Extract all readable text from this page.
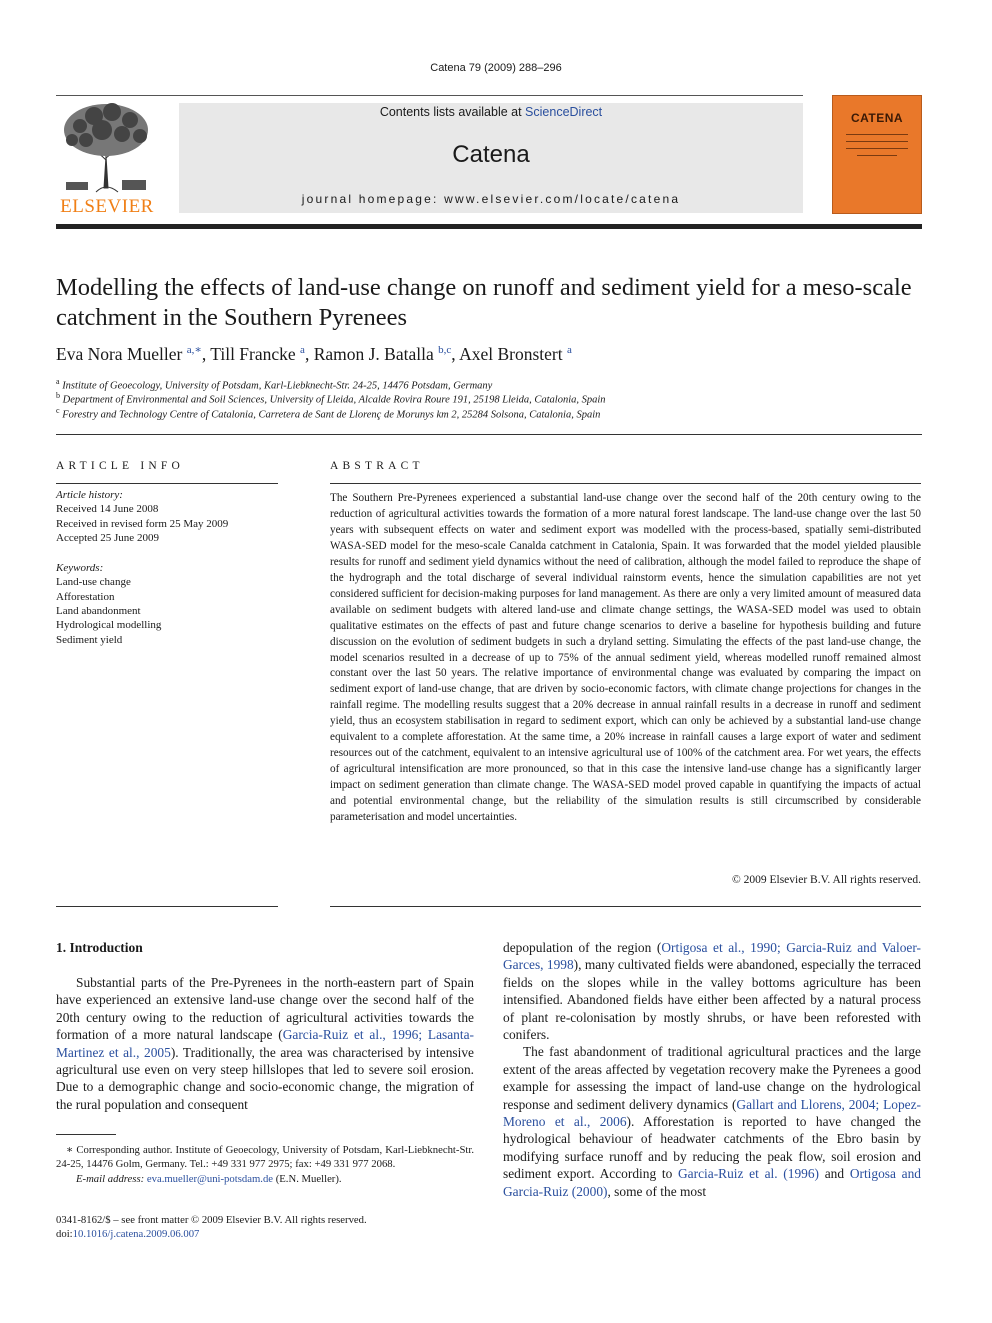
Catena 79 (2009) 288–296
ELSEVIER
Contents lists available at ScienceDirect
Catena
journal homepage: www.elsevier.com/locate/catena
CATENA
Modelling the effects of land-use change on runoff and sediment yield for a meso-scale catchment in the Southern Pyrenees
Eva Nora Mueller $^{a,∗}$, Till Francke $^a$, Ramon J. Batalla $^{b,c}$, Axel Bronstert $^a$
$^a$ Institute of Geoecology, University of Potsdam, Karl-Liebknecht-Str. 24-25, 14476 Potsdam, Germany
$^b$ Department of Environmental and Soil Sciences, University of Lleida, Alcalde Rovira Roure 191, 25198 Lleida, Catalonia, Spain
$^c$ Forestry and Technology Centre of Catalonia, Carretera de Sant de Llorenç de Morunys km 2, 25284 Solsona, Catalonia, Spain
ARTICLE INFO
Article history:
Received 14 June 2008
Received in revised form 25 May 2009
Accepted 25 June 2009
Keywords:
Land-use change
Afforestation
Land abandonment
Hydrological modelling
Sediment yield
ABSTRACT
The Southern Pre-Pyrenees experienced a substantial land-use change over the second half of the 20th century owing to the reduction of agricultural activities towards the formation of a more natural forest landscape. The land-use change over the last 50 years with subsequent effects on water and sediment export was modelled with the process-based, spatially semi-distributed WASA-SED model for the meso-scale Canalda catchment in Catalonia, Spain. It was forwarded that the model yielded plausible results for runoff and sediment yield dynamics without the need of calibration, although the model failed to reproduce the shape of the hydrograph and the total discharge of several individual rainstorm events, hence the simulation capabilities are not yet considered sufficient for decision-making purposes for land management. As there are only a very limited amount of measured data available on sediment budgets with altered land-use and climate change settings, the WASA-SED model was used to obtain qualitative estimates on the effects of past and future change scenarios to derive a baseline for hypothesis building and future discussion on the evolution of sediment budgets in such a dryland setting. Simulating the effects of the past land-use change, the model scenarios resulted in a decrease of up to 75% of the annual sediment yield, whereas modelled runoff remained almost constant over the last 50 years. The relative importance of environmental change was evaluated by comparing the impact on sediment export of land-use change, that are driven by socio-economic factors, with climate change projections for changes in the rainfall regime. The modelling results suggest that a 20% decrease in annual rainfall results in a decrease in runoff and sediment yield, thus an ecosystem stabilisation in regard to sediment export, which can only be achieved by a substantial land-use change equivalent to a complete afforestation. At the same time, a 20% increase in rainfall causes a large export of water and sediment resources out of the catchment, equivalent to an intensive agricultural use of 100% of the catchment area. For wet years, the effects of agricultural intensification are more pronounced, so that in this case the intensive land-use change has a significantly larger impact on sediment generation than climate change. The WASA-SED model proved capable in quantifying the impacts of actual and potential environmental change, but the reliability of the simulation results is still circumscribed by considerable parameterisation and model uncertainties.
© 2009 Elsevier B.V. All rights reserved.
1. Introduction
Substantial parts of the Pre-Pyrenees in the north-eastern part of Spain have experienced an extensive land-use change over the second half of the 20th century owing to the reduction of agricultural activities towards the formation of a more natural landscape (Garcia-Ruiz et al., 1996; Lasanta-Martinez et al., 2005). Traditionally, the area was characterised by intensive agricultural use even on very steep hillslopes that led to severe soil erosion. Due to a demographic change and socio-economic change, the migration of the rural population and consequent

depopulation of the region (Ortigosa et al., 1990; Garcia-Ruiz and Valoer-Garces, 1998), many cultivated fields were abandoned, especially the terraced fields on the slopes while in the valley bottoms agriculture has been intensified. Abandoned fields have either been affected by a natural process of plant re-colonisation by mostly shrubs, or have been reforested with conifers.

The fast abandonment of traditional agricultural practices and the large extent of the areas affected by vegetation recovery make the Pyrenees a good example for assessing the impact of land-use change on the hydrological response and sediment delivery dynamics (Gallart and Llorens, 2004; Lopez-Moreno et al., 2006). Afforestation is reported to have changed the hydrological behaviour of headwater catchments of the Ebro basin by modifying surface runoff and by reducing the peak flow, soil erosion and sediment export. According to Garcia-Ruiz et al. (1996) and Ortigosa and Garcia-Ruiz (2000), some of the most

∗ Corresponding author. Institute of Geoecology, University of Potsdam, Karl-Liebknecht-Str. 24-25, 14476 Golm, Germany. Tel.: +49 331 977 2975; fax: +49 331 977 2068.
E-mail address: eva.mueller@uni-potsdam.de (E.N. Mueller).
0341-8162/$ – see front matter © 2009 Elsevier B.V. All rights reserved.
doi:10.1016/j.catena.2009.06.007
